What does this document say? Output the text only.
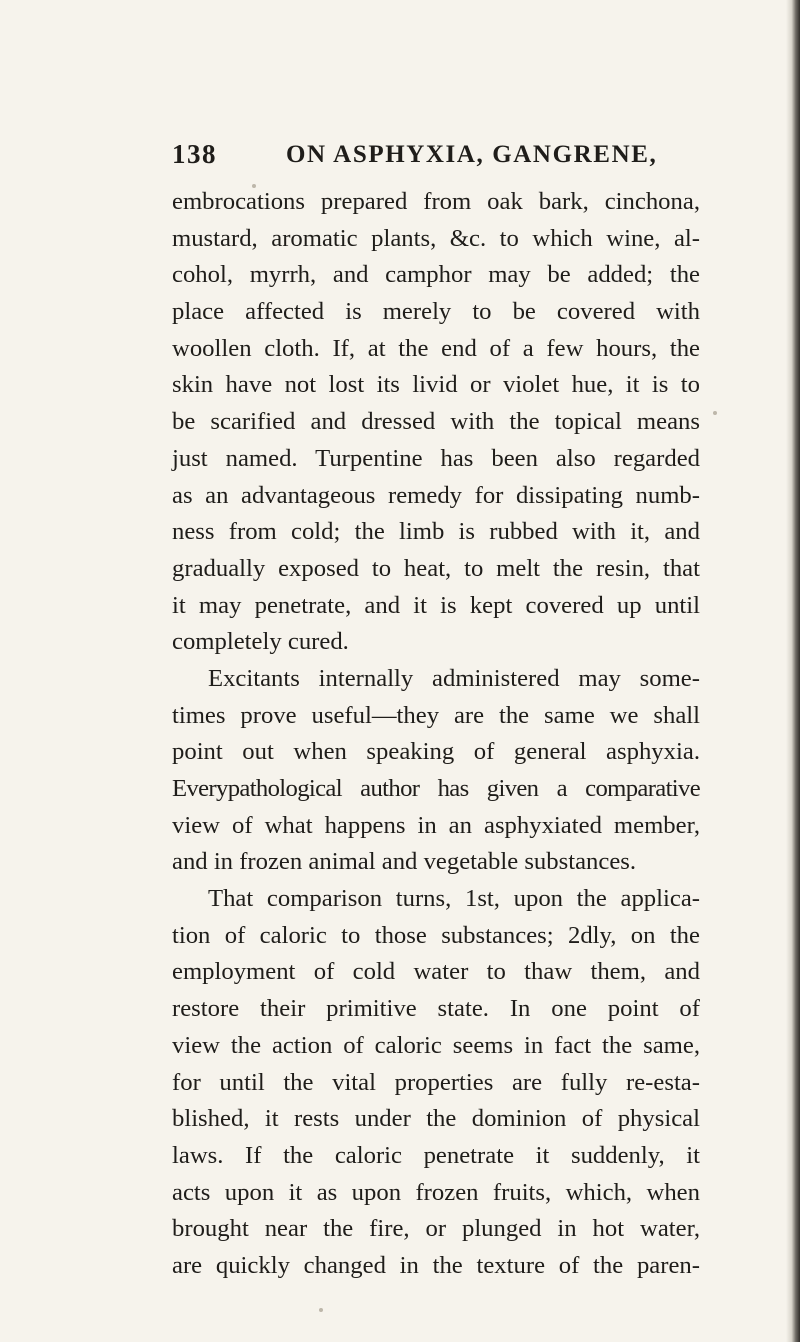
138	ON ASPHYXIA, GANGRENE,
embrocations prepared from oak bark, cinchona,
mustard, aromatic plants, &c. to which wine, al-
cohol, myrrh, and camphor may be added; the
place affected is merely to be covered with
woollen cloth. If, at the end of a few hours, the
skin have not lost its livid or violet hue, it is to
be scarified and dressed with the topical means
just named. Turpentine has been also regarded
as an advantageous remedy for dissipating numb-
ness from cold; the limb is rubbed with it, and
gradually exposed to heat, to melt the resin, that
it may penetrate, and it is kept covered up until
completely cured.
Excitants internally administered may some-
times prove useful—they are the same we shall
point out when speaking of general asphyxia.
Everypathological author has given a comparative
view of what happens in an asphyxiated member,
and in frozen animal and vegetable substances.
That comparison turns, 1st, upon the applica-
tion of caloric to those substances; 2dly, on the
employment of cold water to thaw them, and
restore their primitive state. In one point of
view the action of caloric seems in fact the same,
for until the vital properties are fully re-esta-
blished, it rests under the dominion of physical
laws. If the caloric penetrate it suddenly, it
acts upon it as upon frozen fruits, which, when
brought near the fire, or plunged in hot water,
are quickly changed in the texture of the paren-
